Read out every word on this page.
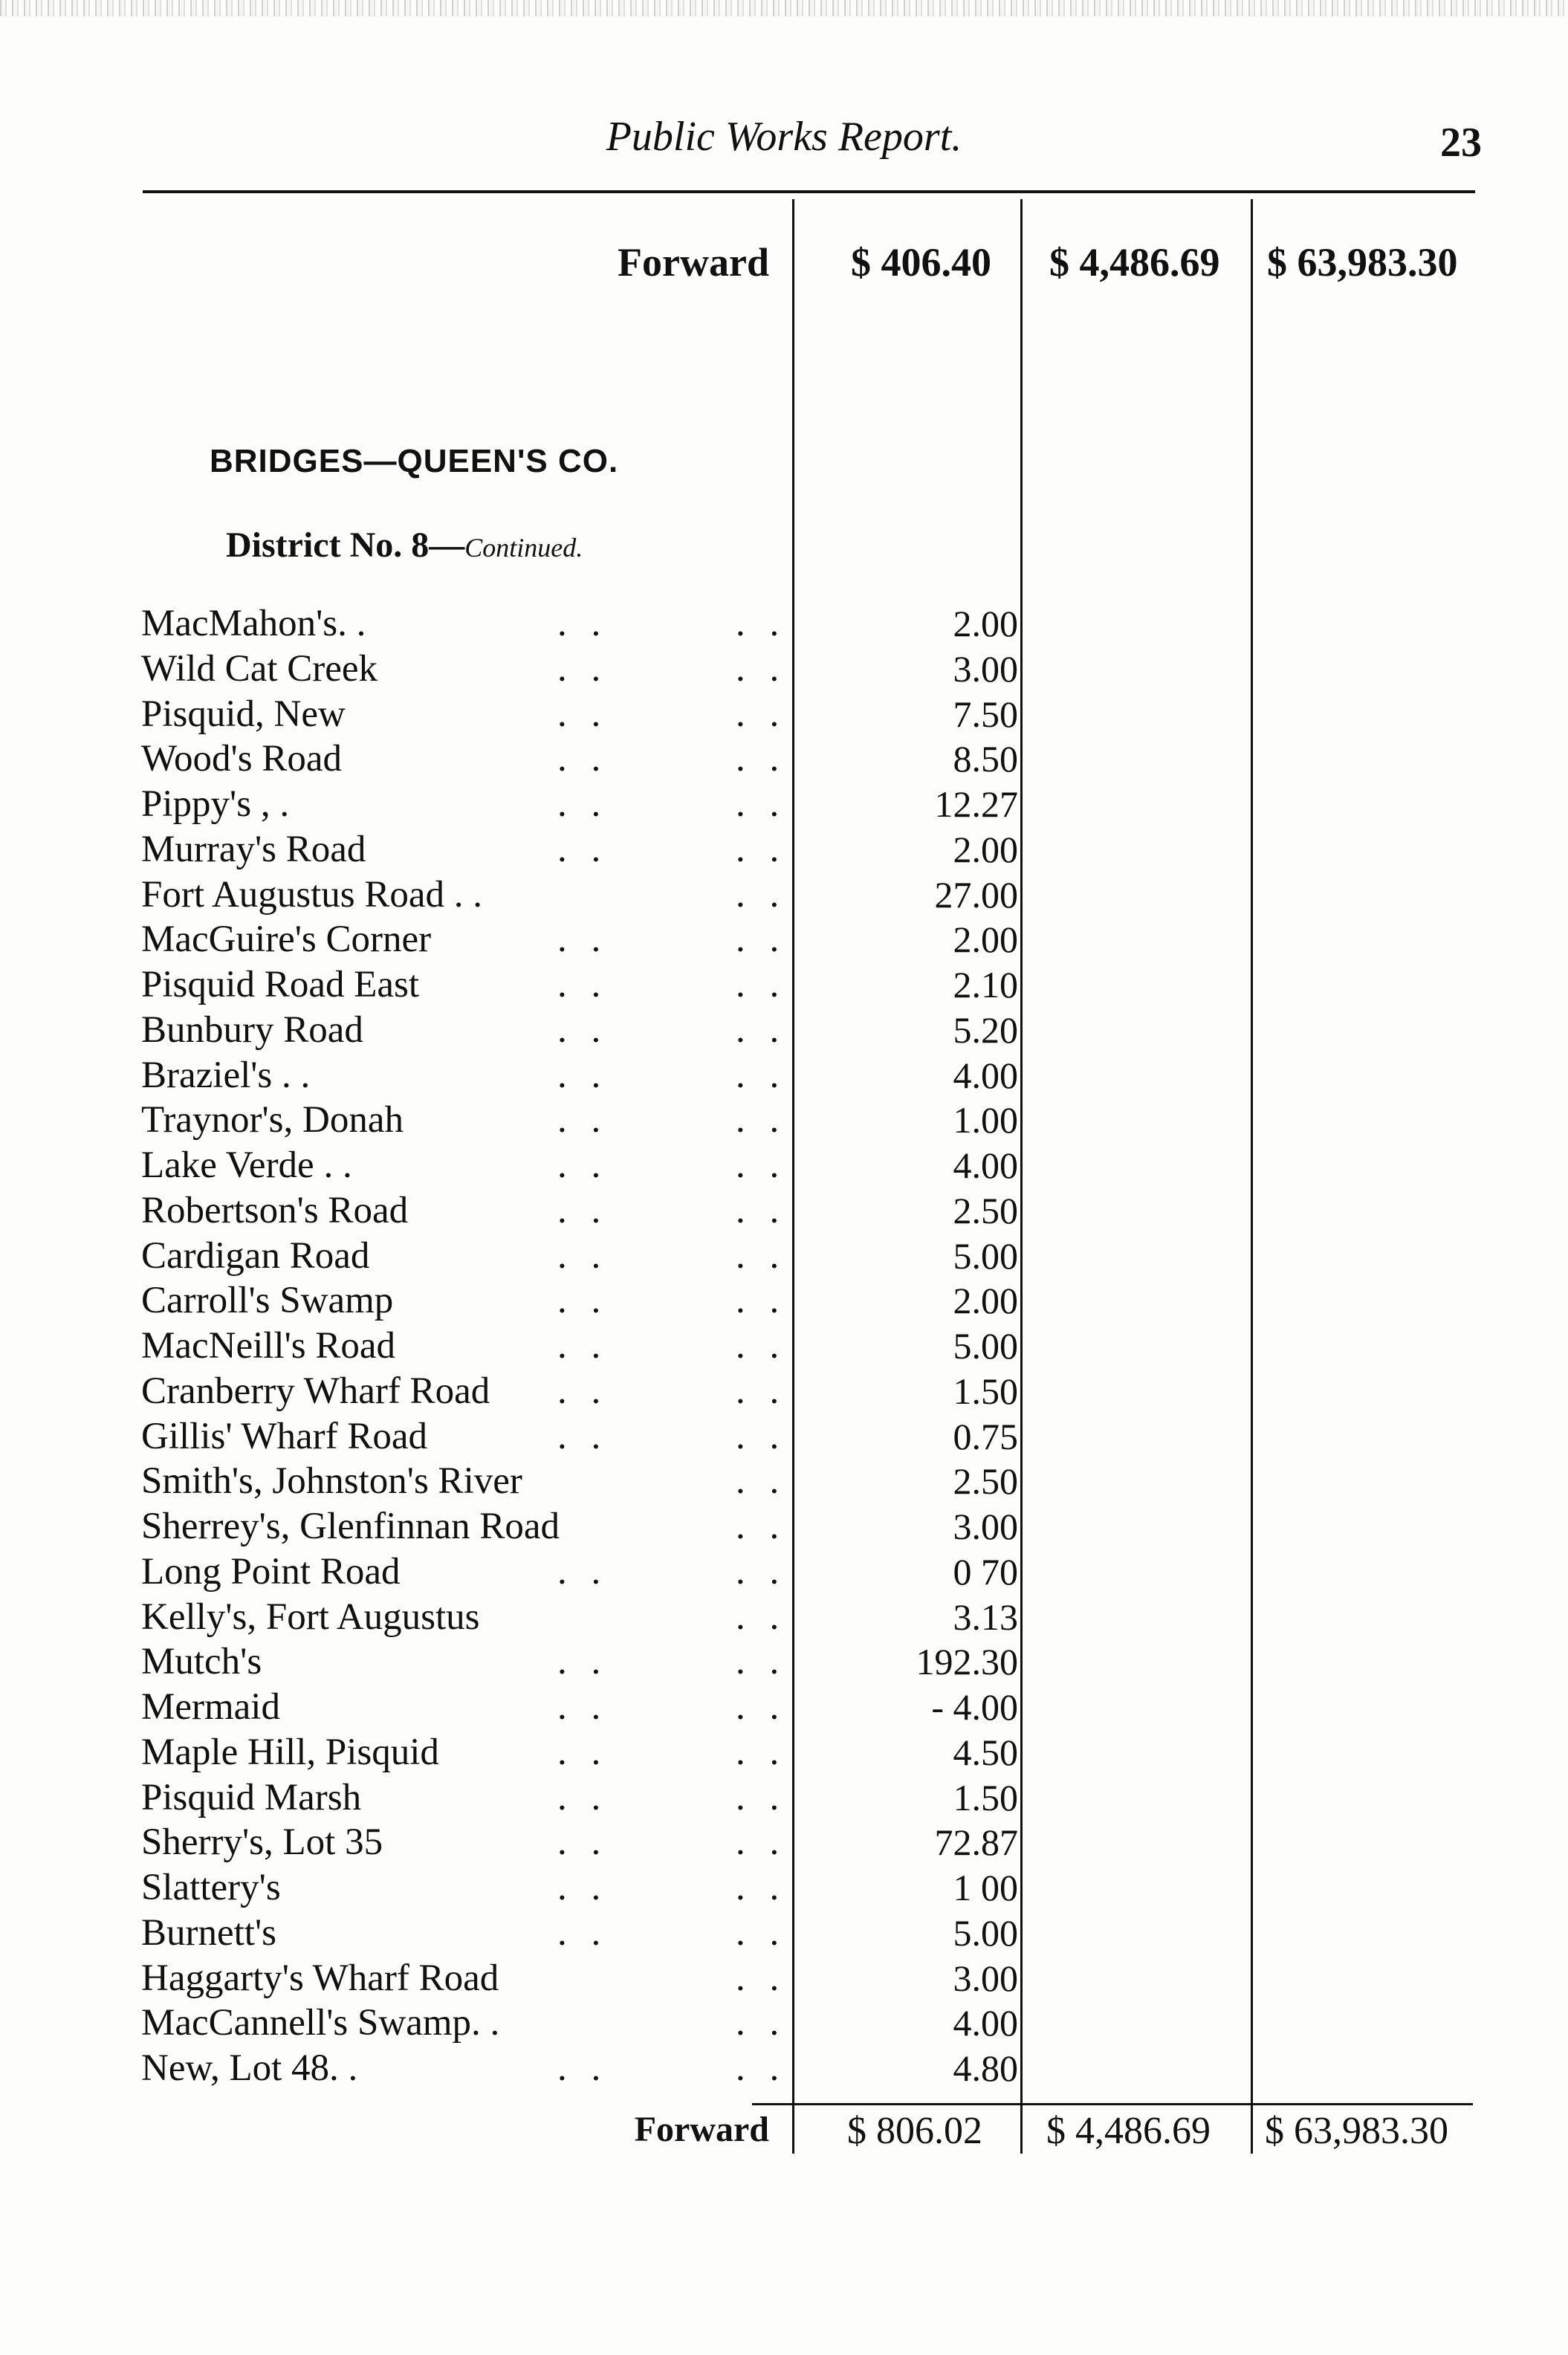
Public Works Report.	23
Forward $ 406.40 $ 4,486.69 $ 63,983.30
BRIDGES—QUEEN'S CO.
District No. 8—Continued.
MacMahon's. .	. .	. .	2.00
Wild Cat Creek	. .	. .	3.00
Pisquid, New	. .	. .	7.50
Wood's Road	. .	. .	8.50
Pippy's , .	. .	. .	12.27
Murray's Road	. .	. .	2.00
Fort Augustus Road . .	. .	27.00
MacGuire's Corner	. .	. .	2.00
Pisquid Road East	. .	. .	2.10
Bunbury Road	. .	. .	5.20
Braziel's . .	. .	. .	4.00
Traynor's, Donah	. .	. .	1.00
Lake Verde . .	. .	. .	4.00
Robertson's Road	. .	. .	2.50
Cardigan Road	. .	. .	5.00
Carroll's Swamp	. .	. .	2.00
MacNeill's Road	. .	. .	5.00
Cranberry Wharf Road . .	. .	1.50
Gillis' Wharf Road	. .	. .	0.75
Smith's, Johnston's River	. .	2.50
Sherrey's, Glenfinnan Road	. .	3.00
Long Point Road	. .	. .	0 70
Kelly's, Fort Augustus	. .	3.13
Mutch's	. .	. .	192.30
Mermaid	. .	. .	- 4.00
Maple Hill, Pisquid	. .	. .	4.50
Pisquid Marsh	. .	. .	1.50
Sherry's, Lot 35	. .	. .	72.87
Slattery's	. .	. .	1 00
Burnett's	. .	. .	5.00
Haggarty's Wharf Road	. .	3.00
MacCannell's Swamp. .	. .	4.00
New, Lot 48. .	. .	. .	4.80
Forward $ 806.02 $ 4,486.69 $ 63,983.30
